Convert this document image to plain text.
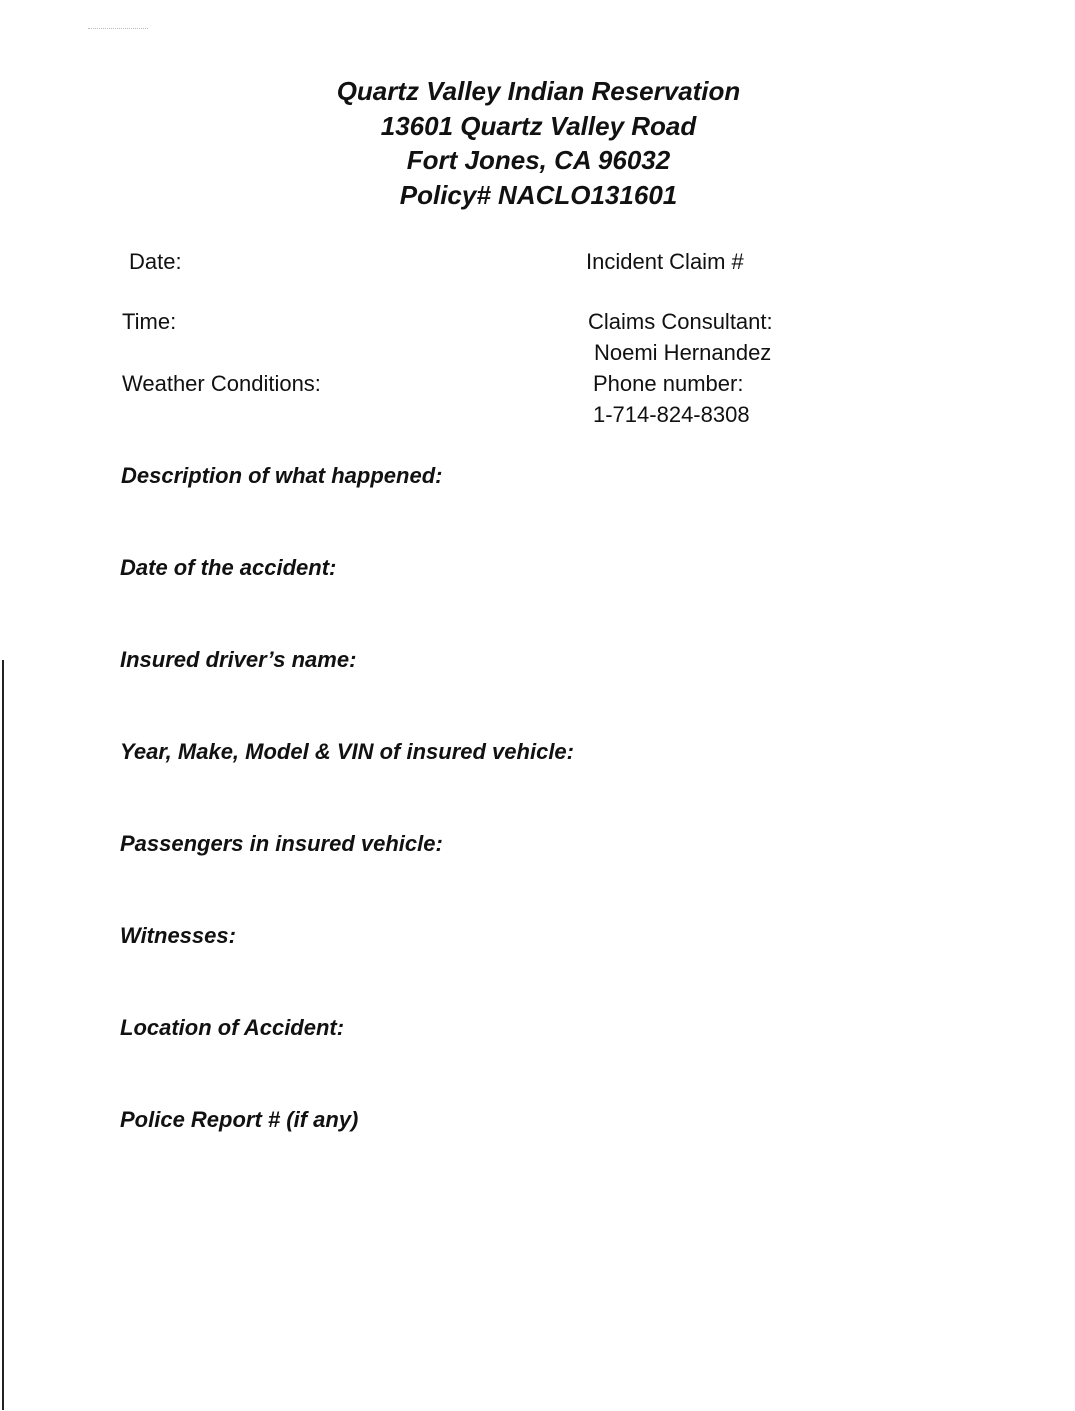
Quartz Valley Indian Reservation
13601 Quartz Valley Road
Fort Jones, CA 96032
Policy# NACLO131601
Date:
Time:
Weather Conditions:
Incident Claim #
Claims Consultant:
Noemi Hernandez
Phone number:
1-714-824-8308
Description of what happened:
Date of the accident:
Insured driver’s name:
Year, Make, Model & VIN of insured vehicle:
Passengers in insured vehicle:
Witnesses:
Location of Accident:
Police Report # (if any)
